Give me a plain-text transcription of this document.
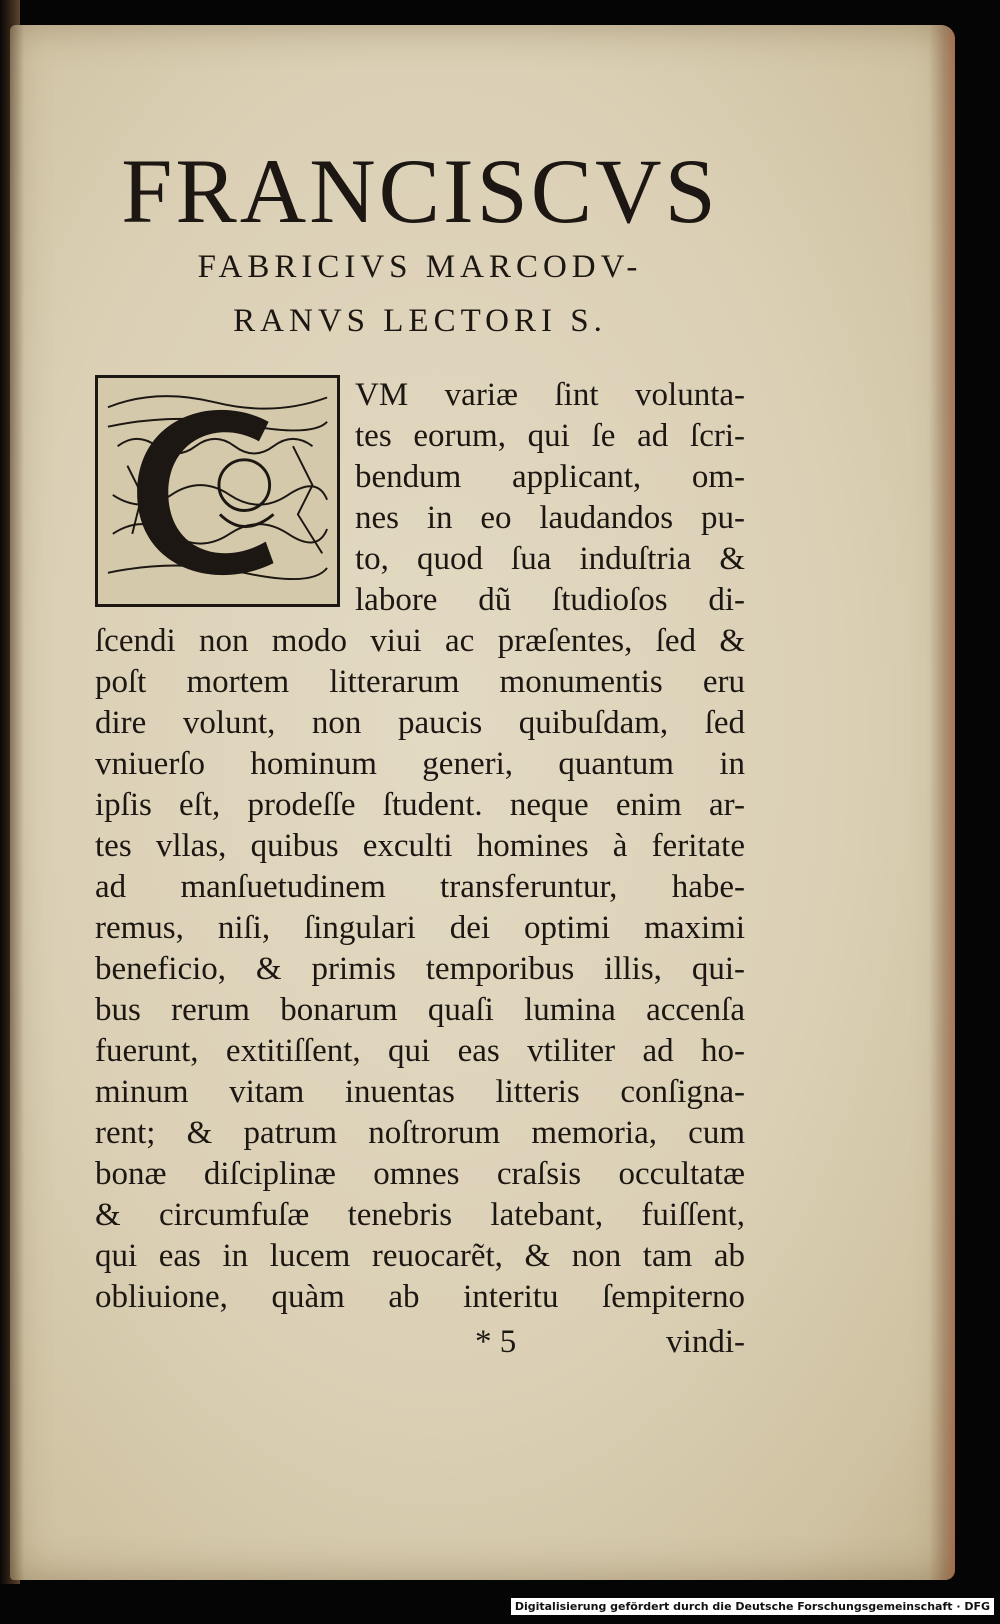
FRANCISCVS
FABRICIVS MARCODV-
RANVS LECTORI S.
VM variæ ſint volunta-
tes eorum, qui ſe ad ſcri-
bendum applicant, om-
nes in eo laudandos pu-
to, quod ſua induſtria &
labore dũ ſtudioſos di-
ſcendi non modo viui ac præſentes, ſed &
poſt mortem litterarum monumentis eru
dire volunt, non paucis quibuſdam, ſed
vniuerſo hominum generi, quantum in
ipſis eſt, prodeſſe ſtudent. neque enim ar-
tes vllas, quibus exculti homines à feritate
ad manſuetudinem transferuntur, habe-
remus, niſi, ſingulari dei optimi maximi
beneficio, & primis temporibus illis, qui-
bus rerum bonarum quaſi lumina accenſa
fuerunt, extitiſſent, qui eas vtiliter ad ho-
minum vitam inuentas litteris conſigna-
rent; & patrum noſtrorum memoria, cum
bonæ diſciplinæ omnes craſsis occultatæ
& circumfuſæ tenebris latebant, fuiſſent,
qui eas in lucem reuocarẽt, & non tam ab
obliuione, quàm ab interitu ſempiterno
* 5	vindi-
Digitalisierung gefördert durch die Deutsche Forschungsgemeinschaft · DFG
